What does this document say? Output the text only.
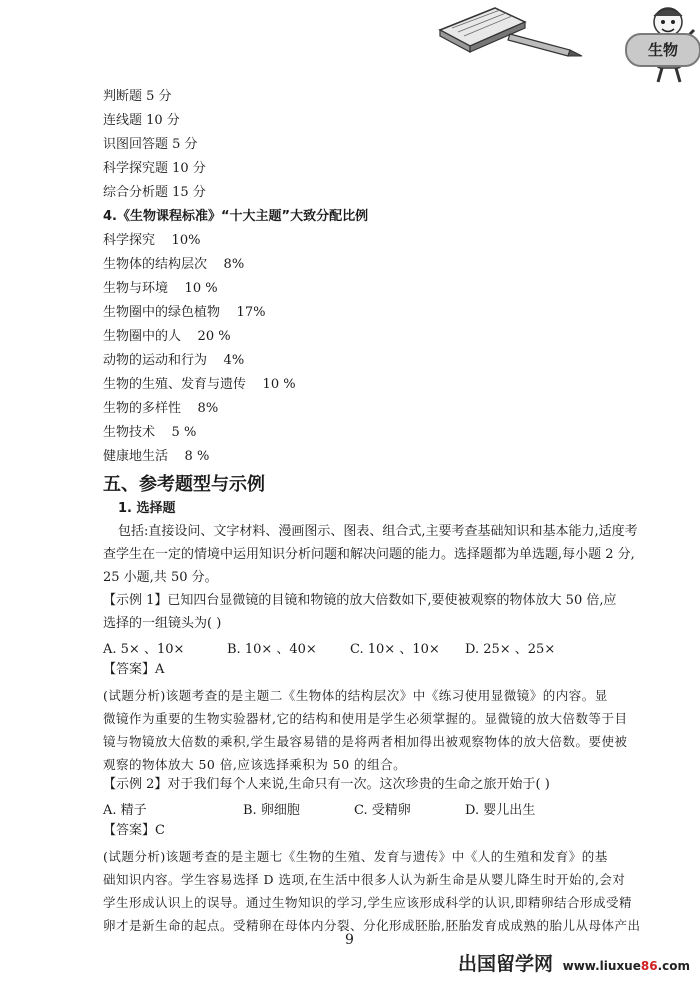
生物
判断题 5 分
连线题 10 分
识图回答题 5 分
科学探究题 10 分
综合分析题 15 分
4.《生物课程标准》“十大主题”大致分配比例
科学探究 10%
生物体的结构层次 8%
生物与环境 10 %
生物圈中的绿色植物 17%
生物圈中的人 20 %
动物的运动和行为 4%
生物的生殖、发育与遗传 10 %
生物的多样性 8%
生物技术 5 %
健康地生活 8 %
五、参考题型与示例
1. 选择题
包括:直接设问、文字材料、漫画图示、图表、组合式,主要考查基础知识和基本能力,适度考
查学生在一定的情境中运用知识分析问题和解决问题的能力。选择题都为单选题,每小题 2 分,
25 小题,共 50 分。
【示例 1】已知四台显微镜的目镜和物镜的放大倍数如下,要使被观察的物体放大 50 倍,应
选择的一组镜头为( )
A. 5× 、10×	B. 10× 、40×	C. 10× 、10× D. 25× 、25×
【答案】A
(试题分析)该题考查的是主题二《生物体的结构层次》中《练习使用显微镜》的内容。显
微镜作为重要的生物实验器材,它的结构和使用是学生必须掌握的。显微镜的放大倍数等于目
镜与物镜放大倍数的乘积,学生最容易错的是将两者相加得出被观察物体的放大倍数。要使被
观察的物体放大 50 倍,应该选择乘积为 50 的组合。
【示例 2】对于我们每个人来说,生命只有一次。这次珍贵的生命之旅开始于( )
A. 精子	B. 卵细胞	C. 受精卵	D. 婴儿出生
【答案】C
(试题分析)该题考查的是主题七《生物的生殖、发育与遗传》中《人的生殖和发育》的基
础知识内容。学生容易选择 D 选项,在生活中很多人认为新生命是从婴儿降生时开始的,会对
学生形成认识上的误导。通过生物知识的学习,学生应该形成科学的认识,即精卵结合形成受精
卵才是新生命的起点。受精卵在母体内分裂、分化形成胚胎,胚胎发育成成熟的胎儿从母体产出
9
出国留学网 www.liuxue86.com
